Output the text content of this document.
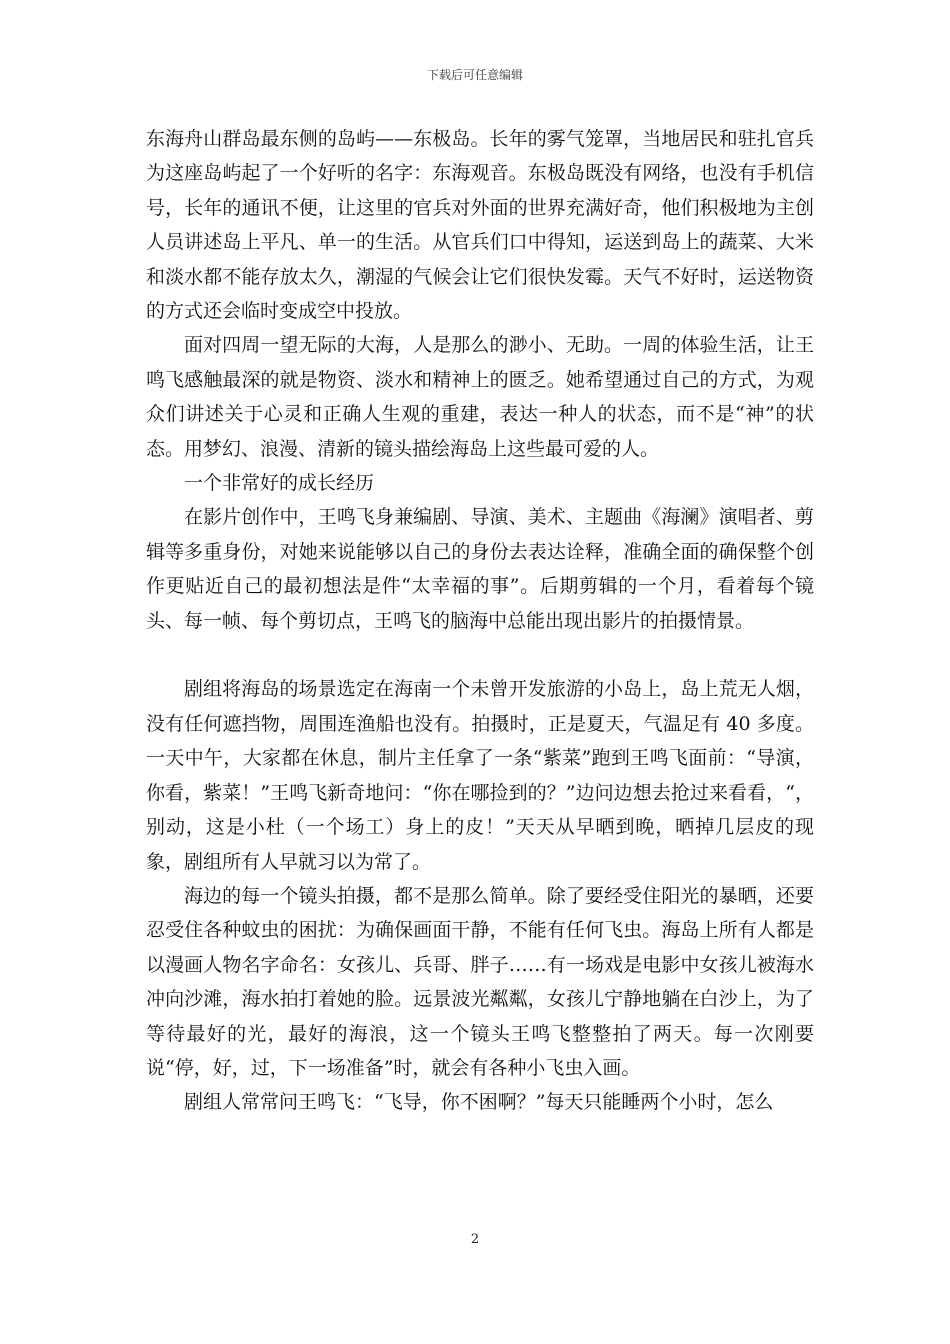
下载后可任意编辑

东海舟山群岛最东侧的岛屿——东极岛。长年的雾气笼罩，当地居民和驻扎官兵为这座岛屿起了一个好听的名字：东海观音。东极岛既没有网络，也没有手机信号，长年的通讯不便，让这里的官兵对外面的世界充满好奇，他们积极地为主创人员讲述岛上平凡、单一的生活。从官兵们口中得知，运送到岛上的蔬菜、大米和淡水都不能存放太久，潮湿的气候会让它们很快发霉。天气不好时，运送物资的方式还会临时变成空中投放。

面对四周一望无际的大海，人是那么的渺小、无助。一周的体验生活，让王鸣飞感触最深的就是物资、淡水和精神上的匮乏。她希望通过自己的方式，为观众们讲述关于心灵和正确人生观的重建，表达一种人的状态，而不是“神”的状态。用梦幻、浪漫、清新的镜头描绘海岛上这些最可爱的人。

一个非常好的成长经历

在影片创作中，王鸣飞身兼编剧、导演、美术、主题曲《海澜》演唱者、剪辑等多重身份，对她来说能够以自己的身份去表达诠释，准确全面的确保整个创作更贴近自己的最初想法是件“太幸福的事”。后期剪辑的一个月，看着每个镜头、每一帧、每个剪切点，王鸣飞的脑海中总能出现出影片的拍摄情景。

剧组将海岛的场景选定在海南一个未曾开发旅游的小岛上，岛上荒无人烟，没有任何遮挡物，周围连渔船也没有。拍摄时，正是夏天，气温足有 40 多度。一天中午，大家都在休息，制片主任拿了一条“紫菜”跑到王鸣飞面前：“导演，你看，紫菜！”王鸣飞新奇地问：“你在哪捡到的？”边问边想去抢过来看看，“，别动，这是小杜（一个场工）身上的皮！”天天从早晒到晚，晒掉几层皮的现象，剧组所有人早就习以为常了。

海边的每一个镜头拍摄，都不是那么简单。除了要经受住阳光的暴晒，还要忍受住各种蚊虫的困扰：为确保画面干静，不能有任何飞虫。海岛上所有人都是以漫画人物名字命名：女孩儿、兵哥、胖子……有一场戏是电影中女孩儿被海水冲向沙滩，海水拍打着她的脸。远景波光粼粼，女孩儿宁静地躺在白沙上，为了等待最好的光，最好的海浪，这一个镜头王鸣飞整整拍了两天。每一次刚要说“停，好，过，下一场准备”时，就会有各种小飞虫入画。

剧组人常常问王鸣飞：“飞导，你不困啊？”每天只能睡两个小时，怎么

2
